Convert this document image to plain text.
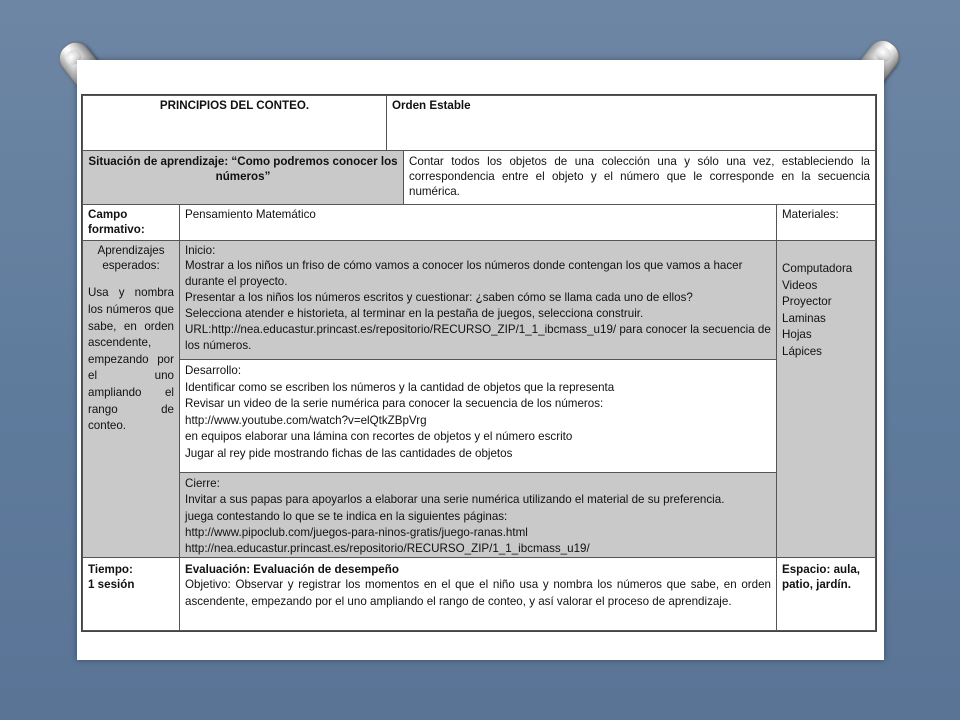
PRINCIPIOS DEL CONTEO.	Orden Estable
Situación de aprendizaje: “Como podremos conocer los números”
Contar todos los objetos de una colección una y sólo una vez, estableciendo la correspondencia entre el objeto y el número que le corresponde en la secuencia numérica.
Campo formativo:
Pensamiento Matemático	Materiales:
Aprendizajes esperados:
Usa y nombra los números que sabe, en orden ascendente, empezando por el uno ampliando el rango de conteo.
Inicio:
Mostrar a los niños un friso de cómo vamos a conocer los números donde contengan los que vamos a hacer durante el proyecto.
Presentar a los niños los números escritos y cuestionar: ¿saben cómo se llama cada uno de ellos?
Selecciona atender e historieta, al terminar en la pestaña de juegos, selecciona construir.
URL:http://nea.educastur.princast.es/repositorio/RECURSO_ZIP/1_1_ibcmass_u19/ para conocer la secuencia de los números.
Computadora
Videos
Proyector
Laminas
Hojas
Lápices
Desarrollo:
Identificar como se escriben los números y la cantidad de objetos que la representa
Revisar un video de la serie numérica para conocer la secuencia de los números:
http://www.youtube.com/watch?v=elQtkZBpVrg
en equipos elaborar una lámina con recortes de objetos y el número escrito
Jugar al rey pide mostrando fichas de las cantidades de objetos
Cierre:
Invitar a sus papas para apoyarlos a elaborar una serie numérica utilizando el material de su preferencia.
juega contestando lo que se te indica en la siguientes páginas:
http://www.pipoclub.com/juegos-para-ninos-gratis/juego-ranas.html
http://nea.educastur.princast.es/repositorio/RECURSO_ZIP/1_1_ibcmass_u19/
Tiempo:
1 sesión
Evaluación: Evaluación de desempeño
Objetivo: Observar y registrar los momentos en el que el niño usa y nombra los números que sabe, en orden ascendente, empezando por el uno ampliando el rango de conteo, y así valorar el proceso de aprendizaje.
Espacio: aula, patio, jardín.
